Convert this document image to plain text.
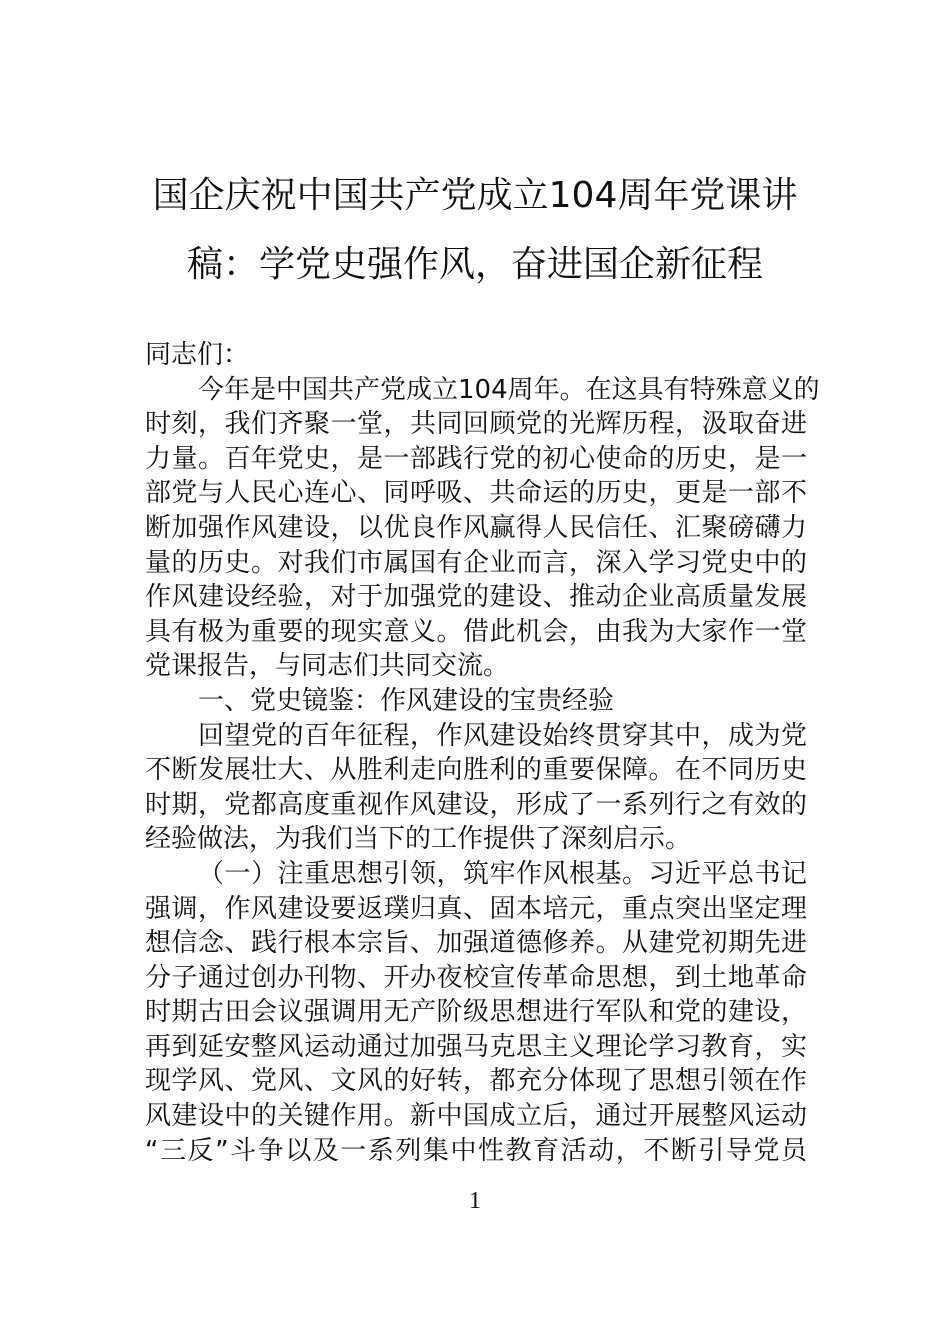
国企庆祝中国共产党成立104周年党课讲
稿：学党史强作风，奋进国企新征程
同志们：
今年是中国共产党成立104周年。在这具有特殊意义的
时刻，我们齐聚一堂，共同回顾党的光辉历程，汲取奋进
力量。百年党史，是一部践行党的初心使命的历史，是一
部党与人民心连心、同呼吸、共命运的历史，更是一部不
断加强作风建设，以优良作风赢得人民信任、汇聚磅礴力
量的历史。对我们市属国有企业而言，深入学习党史中的
作风建设经验，对于加强党的建设、推动企业高质量发展
具有极为重要的现实意义。借此机会，由我为大家作一堂
党课报告，与同志们共同交流。
一、党史镜鉴：作风建设的宝贵经验
回望党的百年征程，作风建设始终贯穿其中，成为党
不断发展壮大、从胜利走向胜利的重要保障。在不同历史
时期，党都高度重视作风建设，形成了一系列行之有效的
经验做法，为我们当下的工作提供了深刻启示。
（一）注重思想引领，筑牢作风根基。习近平总书记
强调，作风建设要返璞归真、固本培元，重点突出坚定理
想信念、践行根本宗旨、加强道德修养。从建党初期先进
分子通过创办刊物、开办夜校宣传革命思想，到土地革命
时期古田会议强调用无产阶级思想进行军队和党的建设，
再到延安整风运动通过加强马克思主义理论学习教育，实
现学风、党风、文风的好转，都充分体现了思想引领在作
风建设中的关键作用。新中国成立后，通过开展整风运动
“三反”斗争以及一系列集中性教育活动，不断引导党员
1
